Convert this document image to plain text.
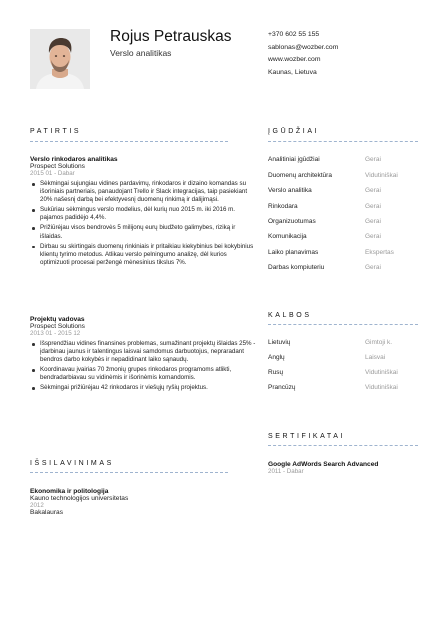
Rojus Petrauskas
Verslo analitikas
+370 602 55 155
sablonas@wozber.com
www.wozber.com
Kaunas, Lietuva
PATIRTIS
Verslo rinkodaros analitikas
Prospect Solutions
2015 01 - Dabar
Sėkmingai sujungiau vidines pardavimų, rinkodaros ir dizaino komandas su išoriniais partneriais, panaudojant Trello ir Slack integracijas, taip pasiekiant 20% našesnį darbą bei efektyvesnį duomenų rinkimą ir dalijimąsi.
Sukūriau sėkmingus verslo modelius, dėl kurių nuo 2015 m. iki 2016 m. pajamos padidėjo 4,4%.
Prižiūrėjau visos bendrovės 5 milijonų eurų biudžeto galimybes, riziką ir išlaidas.
Dirbau su skirtingais duomenų rinkiniais ir pritaikiau kiekybinius bei kokybinius klientų tyrimo metodus. Atlikau verslo pelningumo analizę, dėl kurios optimizuoti procesai peržengė mėnesinius tikslus 7%.
Projektų vadovas
Prospect Solutions
2013 01 - 2015 12
Išsprendžiau vidines finansines problemas, sumažinant projektų išlaidas 25% - įdarbinau jaunus ir talentingus laisvai samdomus darbuotojus, nepraradant bendros darbo kokybės ir nepadidinant laiko sąnaudų.
Koordinavau įvairias 70 žmonių grupes rinkodaros programoms atlikti, bendradarbiavau su vidinėmis ir išorinėmis komandomis.
Sėkmingai prižiūrėjau 42 rinkodaros ir viešųjų ryšių projektus.
IŠSILAVINIMAS
Ekonomika ir politologija
Kauno technologijos universitetas
2012
Bakalauras
ĮGŪDŽIAI
Analitiniai įgūdžiai	Gerai
Duomenų architektūra	Vidutiniškai
Verslo analitika	Gerai
Rinkodara	Gerai
Organizuotumas	Gerai
Komunikacija	Gerai
Laiko planavimas	Ekspertas
Darbas kompiuteriu	Gerai
KALBOS
Lietuvių	Gimtoji k.
Anglų	Laisvai
Rusų	Vidutiniškai
Prancūzų	Vidutiniškai
SERTIFIKATAI
Google AdWords Search Advanced
2011 - Dabar
